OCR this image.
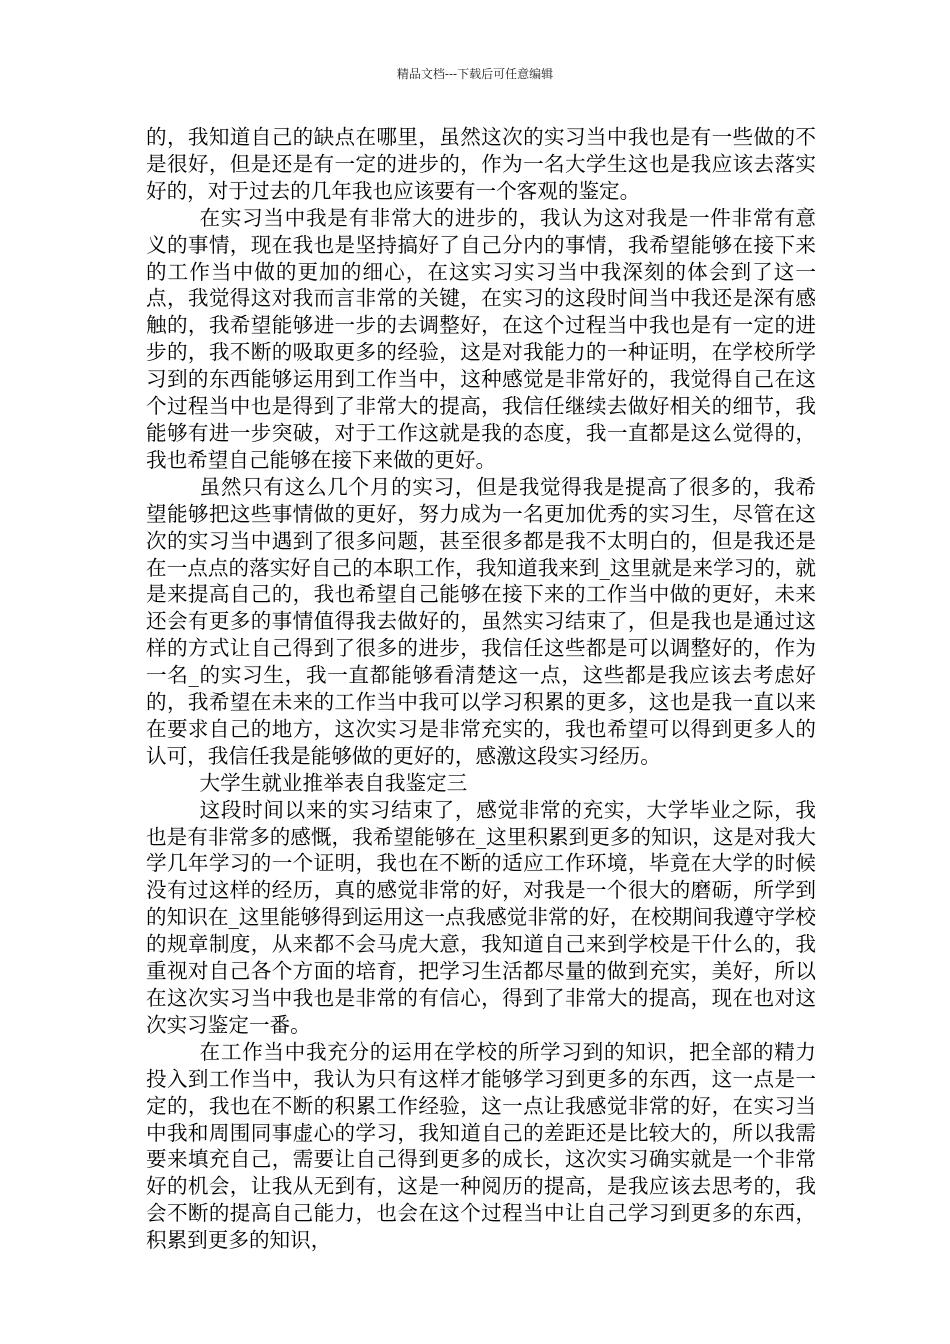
精品文档---下载后可任意编辑

的，我知道自己的缺点在哪里，虽然这次的实习当中我也是有一些做的不是很好，但是还是有一定的进步的，作为一名大学生这也是我应该去落实好的，对于过去的几年我也应该要有一个客观的鉴定。

在实习当中我是有非常大的进步的，我认为这对我是一件非常有意义的事情，现在我也是坚持搞好了自己分内的事情，我希望能够在接下来的工作当中做的更加的细心，在这实习实习当中我深刻的体会到了这一点，我觉得这对我而言非常的关键，在实习的这段时间当中我还是深有感触的，我希望能够进一步的去调整好，在这个过程当中我也是有一定的进步的，我不断的吸取更多的经验，这是对我能力的一种证明，在学校所学习到的东西能够运用到工作当中，这种感觉是非常好的，我觉得自己在这个过程当中也是得到了非常大的提高，我信任继续去做好相关的细节，我能够有进一步突破，对于工作这就是我的态度，我一直都是这么觉得的，我也希望自己能够在接下来做的更好。

虽然只有这么几个月的实习，但是我觉得我是提高了很多的，我希望能够把这些事情做的更好，努力成为一名更加优秀的实习生，尽管在这次的实习当中遇到了很多问题，甚至很多都是我不太明白的，但是我还是在一点点的落实好自己的本职工作，我知道我来到_这里就是来学习的，就是来提高自己的，我也希望自己能够在接下来的工作当中做的更好，未来还会有更多的事情值得我去做好的，虽然实习结束了，但是我也是通过这样的方式让自己得到了很多的进步，我信任这些都是可以调整好的，作为一名_的实习生，我一直都能够看清楚这一点，这些都是我应该去考虑好的，我希望在未来的工作当中我可以学习积累的更多，这也是我一直以来在要求自己的地方，这次实习是非常充实的，我也希望可以得到更多人的认可，我信任我是能够做的更好的，感激这段实习经历。

大学生就业推举表自我鉴定三

这段时间以来的实习结束了，感觉非常的充实，大学毕业之际，我也是有非常多的感慨，我希望能够在_这里积累到更多的知识，这是对我大学几年学习的一个证明，我也在不断的适应工作环境，毕竟在大学的时候没有过这样的经历，真的感觉非常的好，对我是一个很大的磨砺，所学到的知识在_这里能够得到运用这一点我感觉非常的好，在校期间我遵守学校的规章制度，从来都不会马虎大意，我知道自己来到学校是干什么的，我重视对自己各个方面的培育，把学习生活都尽量的做到充实，美好，所以在这次实习当中我也是非常的有信心，得到了非常大的提高，现在也对这次实习鉴定一番。

在工作当中我充分的运用在学校的所学习到的知识，把全部的精力投入到工作当中，我认为只有这样才能够学习到更多的东西，这一点是一定的，我也在不断的积累工作经验，这一点让我感觉非常的好，在实习当中我和周围同事虚心的学习，我知道自己的差距还是比较大的，所以我需要来填充自己，需要让自己得到更多的成长，这次实习确实就是一个非常好的机会，让我从无到有，这是一种阅历的提高，是我应该去思考的，我会不断的提高自己能力，也会在这个过程当中让自己学习到更多的东西，积累到更多的知识，
